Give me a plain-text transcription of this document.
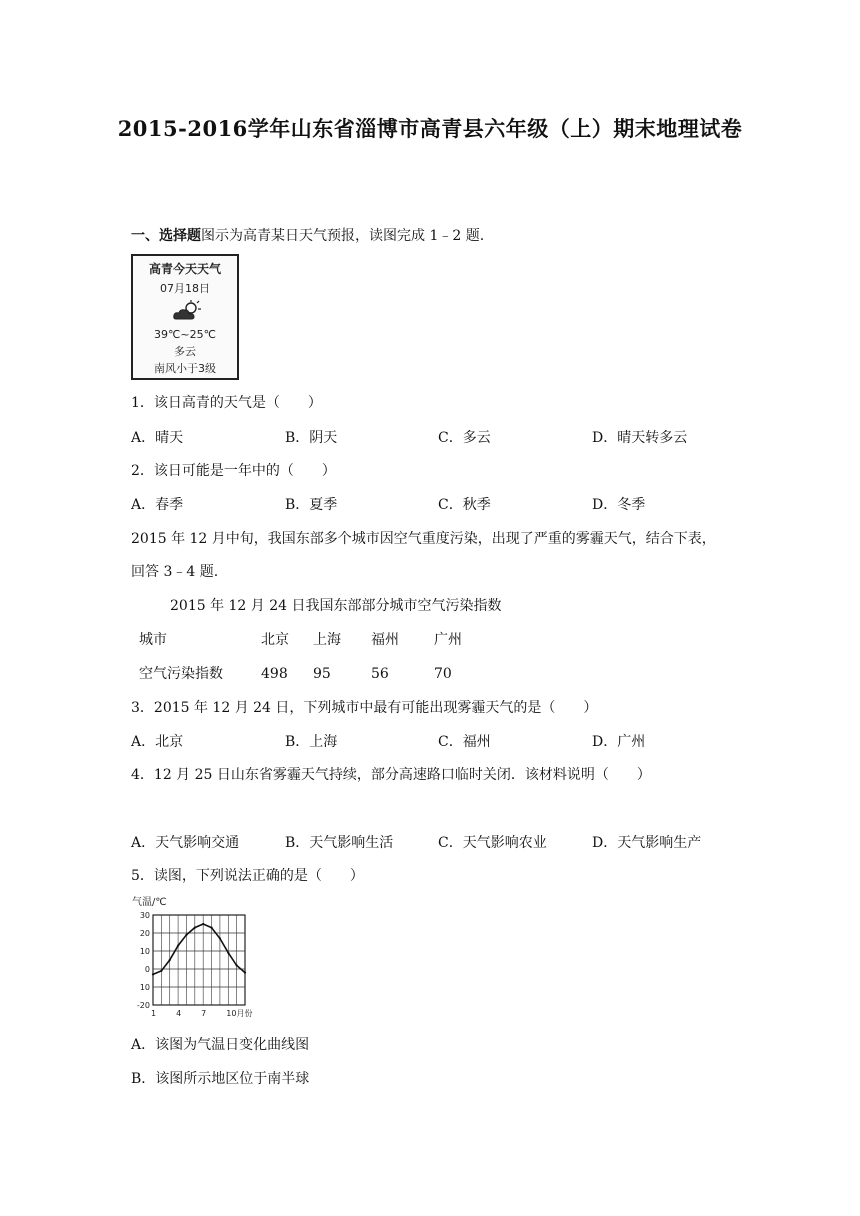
2015-2016学年山东省淄博市高青县六年级（上）期末地理试卷
一、选择题图示为高青某日天气预报，读图完成 1﹣2 题.
高青今天天气
07月18日
39℃~25℃
多云
南风小于3级
1．该日高青的天气是（　　）
A．晴天	B．阴天	C．多云	D．晴天转多云
2．该日可能是一年中的（　　）
A．春季	B．夏季	C．秋季	D．冬季
2015 年 12 月中旬，我国东部多个城市因空气重度污染，出现了严重的雾霾天气，结合下表，
回答 3﹣4 题.
2015 年 12 月 24 日我国东部部分城市空气污染指数
城市	北京 上海 福州	广州
空气污染指数	498 95	56	70
3．2015 年 12 月 24 日，下列城市中最有可能出现雾霾天气的是（　　）
A．北京	B．上海	C．福州	D．广州
4．12 月 25 日山东省雾霾天气持续，部分高速路口临时关闭．该材料说明（　　）
A．天气影响交通	B．天气影响生活	C．天气影响农业	D．天气影响生产
5．读图，下列说法正确的是（　　）
气温/℃
30
20
10
0
10
-20
1 4 7 10月份
A．该图为气温日变化曲线图
B．该图所示地区位于南半球
